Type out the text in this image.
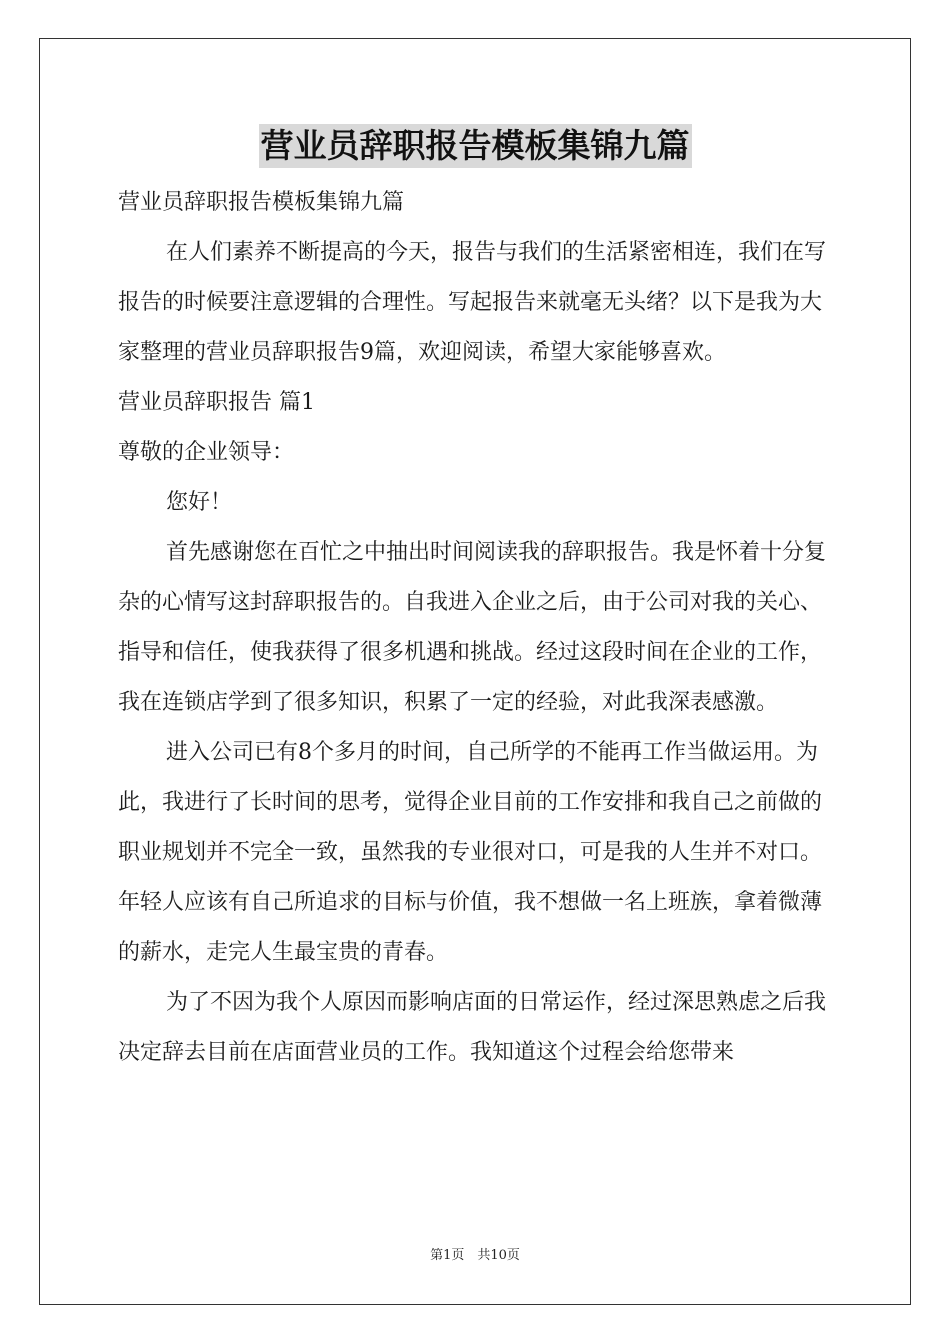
营业员辞职报告模板集锦九篇

营业员辞职报告模板集锦九篇

在人们素养不断提高的今天，报告与我们的生活紧密相连，我们在写报告的时候要注意逻辑的合理性。写起报告来就毫无头绪？以下是我为大家整理的营业员辞职报告9篇，欢迎阅读，希望大家能够喜欢。

营业员辞职报告 篇1

尊敬的企业领导：

您好！

首先感谢您在百忙之中抽出时间阅读我的辞职报告。我是怀着十分复杂的心情写这封辞职报告的。自我进入企业之后，由于公司对我的关心、指导和信任，使我获得了很多机遇和挑战。经过这段时间在企业的工作，我在连锁店学到了很多知识，积累了一定的经验，对此我深表感激。

进入公司已有8个多月的时间，自己所学的不能再工作当做运用。为此，我进行了长时间的思考，觉得企业目前的工作安排和我自己之前做的职业规划并不完全一致，虽然我的专业很对口，可是我的人生并不对口。年轻人应该有自己所追求的目标与价值，我不想做一名上班族，拿着微薄的薪水，走完人生最宝贵的青春。

为了不因为我个人原因而影响店面的日常运作，经过深思熟虑之后我决定辞去目前在店面营业员的工作。我知道这个过程会给您带来

第1页　共10页
